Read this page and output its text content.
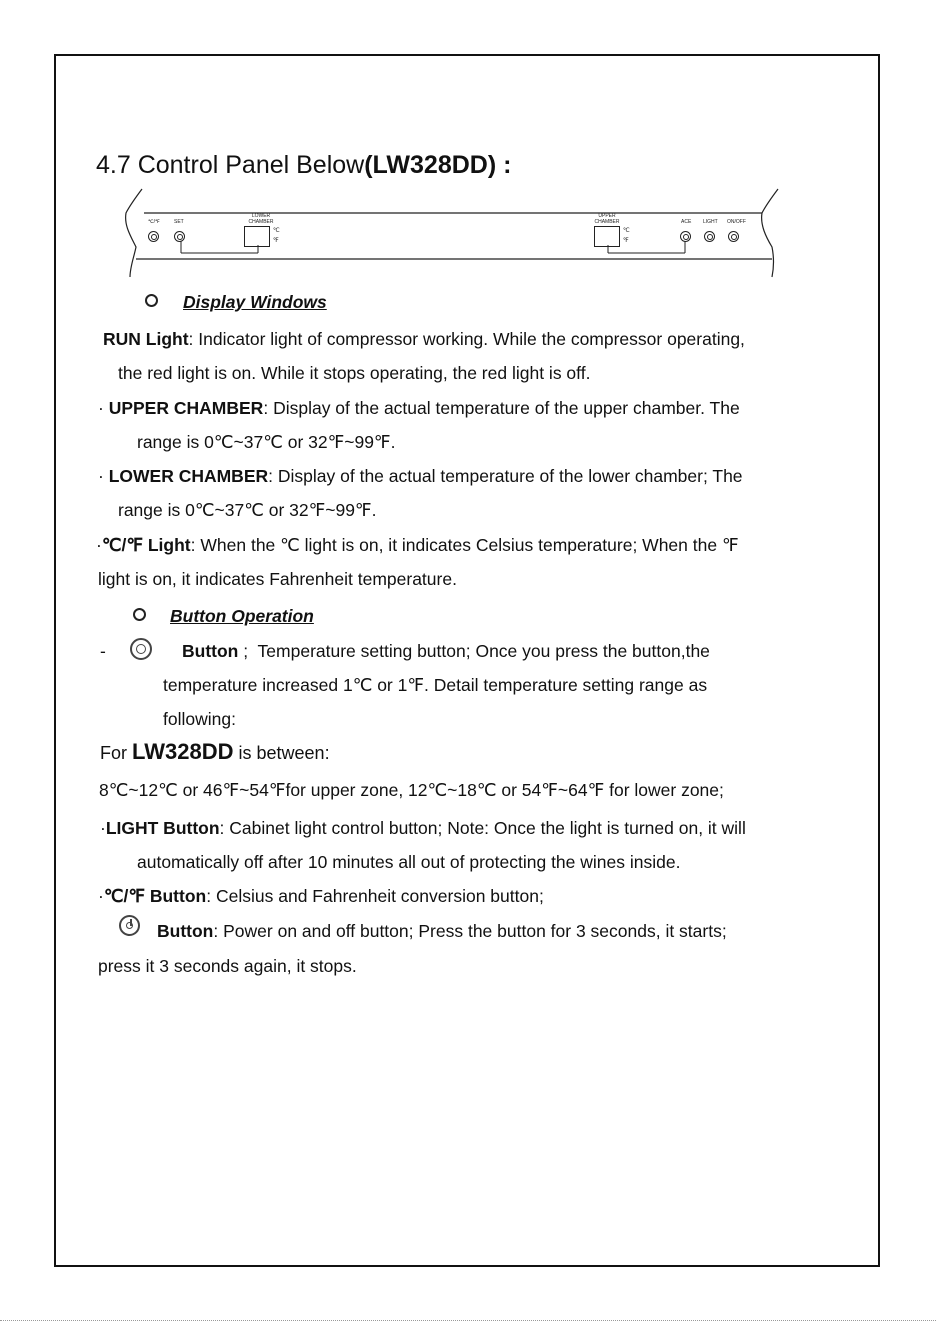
4.7 Control Panel Below(LW328DD) :
℃/℉	SET
LOWER CHAMBER
UPPER CHAMBER	ACE LIGHT ON/OFF
℃
℉
℃
℉
Display Windows
RUN Light: Indicator light of compressor working. While the compressor operating,
the red light is on. While it stops operating, the red light is off.
· UPPER CHAMBER: Display of the actual temperature of the upper chamber. The
range is 0℃~37℃ or 32℉~99℉.
· LOWER CHAMBER: Display of the actual temperature of the lower chamber; The
range is 0℃~37℃ or 32℉~99℉.
·℃/℉ Light: When the ℃ light is on, it indicates Celsius temperature; When the ℉
light is on, it indicates Fahrenheit temperature.
Button Operation
-	Button ; Temperature setting button; Once you press the button,the
temperature increased 1℃ or 1℉. Detail temperature setting range as
following:
For LW328DD is between:
8℃~12℃ or 46℉~54℉for upper zone, 12℃~18℃ or 54℉~64℉ for lower zone;
·LIGHT Button: Cabinet light control button; Note: Once the light is turned on, it will
automatically off after 10 minutes all out of protecting the wines inside.
·℃/℉ Button: Celsius and Fahrenheit conversion button;
Button: Power on and off button; Press the button for 3 seconds, it starts;
press it 3 seconds again, it stops.
